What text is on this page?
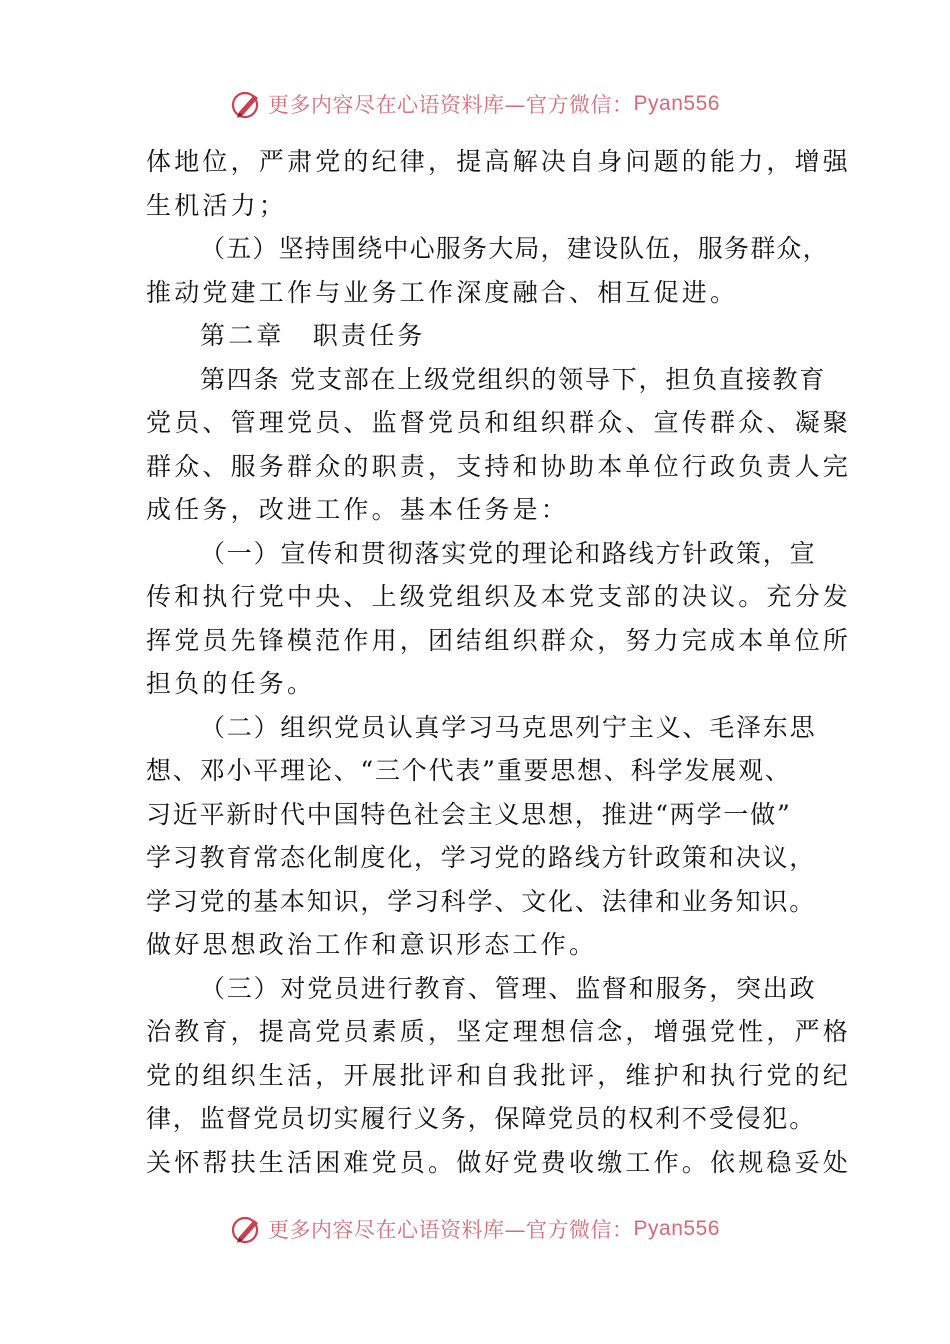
更多内容尽在心语资料库—官方微信： Pyan556
体地位，严肃党的纪律，提高解决自身问题的能力，增强
生机活力；
（五）坚持围绕中心服务大局，建设队伍，服务群众，
推动党建工作与业务工作深度融合、相互促进。
第二章　职责任务
第四条 党支部在上级党组织的领导下，担负直接教育
党员、管理党员、监督党员和组织群众、宣传群众、凝聚
群众、服务群众的职责，支持和协助本单位行政负责人完
成任务，改进工作。基本任务是：
（一）宣传和贯彻落实党的理论和路线方针政策，宣
传和执行党中央、上级党组织及本党支部的决议。充分发
挥党员先锋模范作用，团结组织群众，努力完成本单位所
担负的任务。
（二）组织党员认真学习马克思列宁主义、毛泽东思
想、邓小平理论、“三个代表”重要思想、科学发展观、
习近平新时代中国特色社会主义思想，推进“两学一做”
学习教育常态化制度化，学习党的路线方针政策和决议，
学习党的基本知识，学习科学、文化、法律和业务知识。
做好思想政治工作和意识形态工作。
（三）对党员进行教育、管理、监督和服务，突出政
治教育，提高党员素质，坚定理想信念，增强党性，严格
党的组织生活，开展批评和自我批评，维护和执行党的纪
律，监督党员切实履行义务，保障党员的权利不受侵犯。
关怀帮扶生活困难党员。做好党费收缴工作。依规稳妥处
更多内容尽在心语资料库—官方微信： Pyan556
